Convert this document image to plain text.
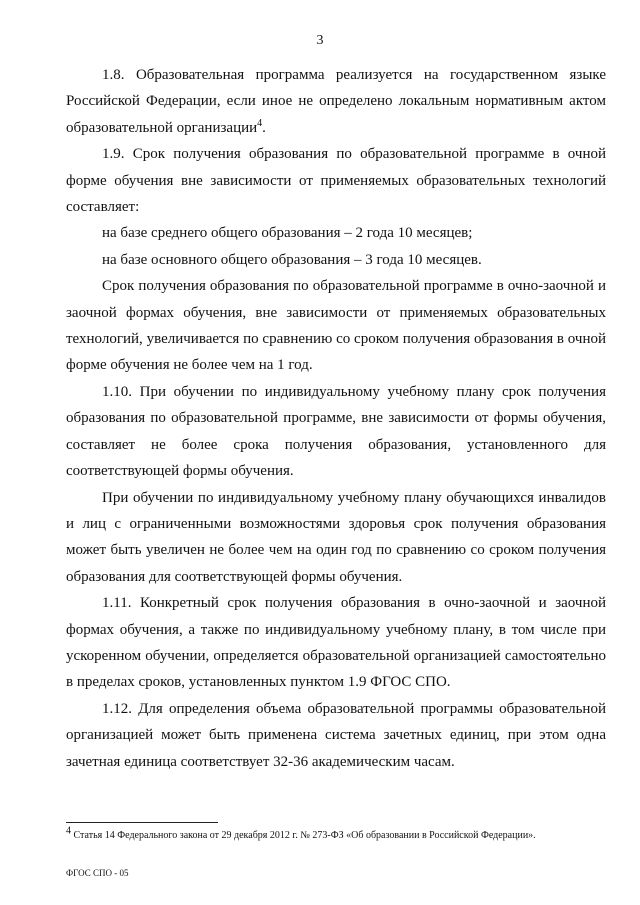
3

1.8. Образовательная программа реализуется на государственном языке Российской Федерации, если иное не определено локальным нормативным актом образовательной организации$^4$.

1.9. Срок получения образования по образовательной программе в очной форме обучения вне зависимости от применяемых образовательных технологий составляет:

на базе среднего общего образования – 2 года 10 месяцев;

на базе основного общего образования – 3 года 10 месяцев.

Срок получения образования по образовательной программе в очно-заочной и заочной формах обучения, вне зависимости от применяемых образовательных технологий, увеличивается по сравнению со сроком получения образования в очной форме обучения не более чем на 1 год.

1.10. При обучении по индивидуальному учебному плану срок получения образования по образовательной программе, вне зависимости от формы обучения, составляет не более срока получения образования, установленного для соответствующей формы обучения.

При обучении по индивидуальному учебному плану обучающихся инвалидов и лиц с ограниченными возможностями здоровья срок получения образования может быть увеличен не более чем на один год по сравнению со сроком получения образования для соответствующей формы обучения.

1.11. Конкретный срок получения образования в очно-заочной и заочной формах обучения, а также по индивидуальному учебному плану, в том числе при ускоренном обучении, определяется образовательной организацией самостоятельно в пределах сроков, установленных пунктом 1.9 ФГОС СПО.

1.12. Для определения объема образовательной программы образовательной организацией может быть применена система зачетных единиц, при этом одна зачетная единица соответствует 32-36 академическим часам.

$^4$ Статья 14 Федерального закона от 29 декабря 2012 г. № 273-ФЗ «Об образовании в Российской Федерации».
ФГОС СПО - 05
